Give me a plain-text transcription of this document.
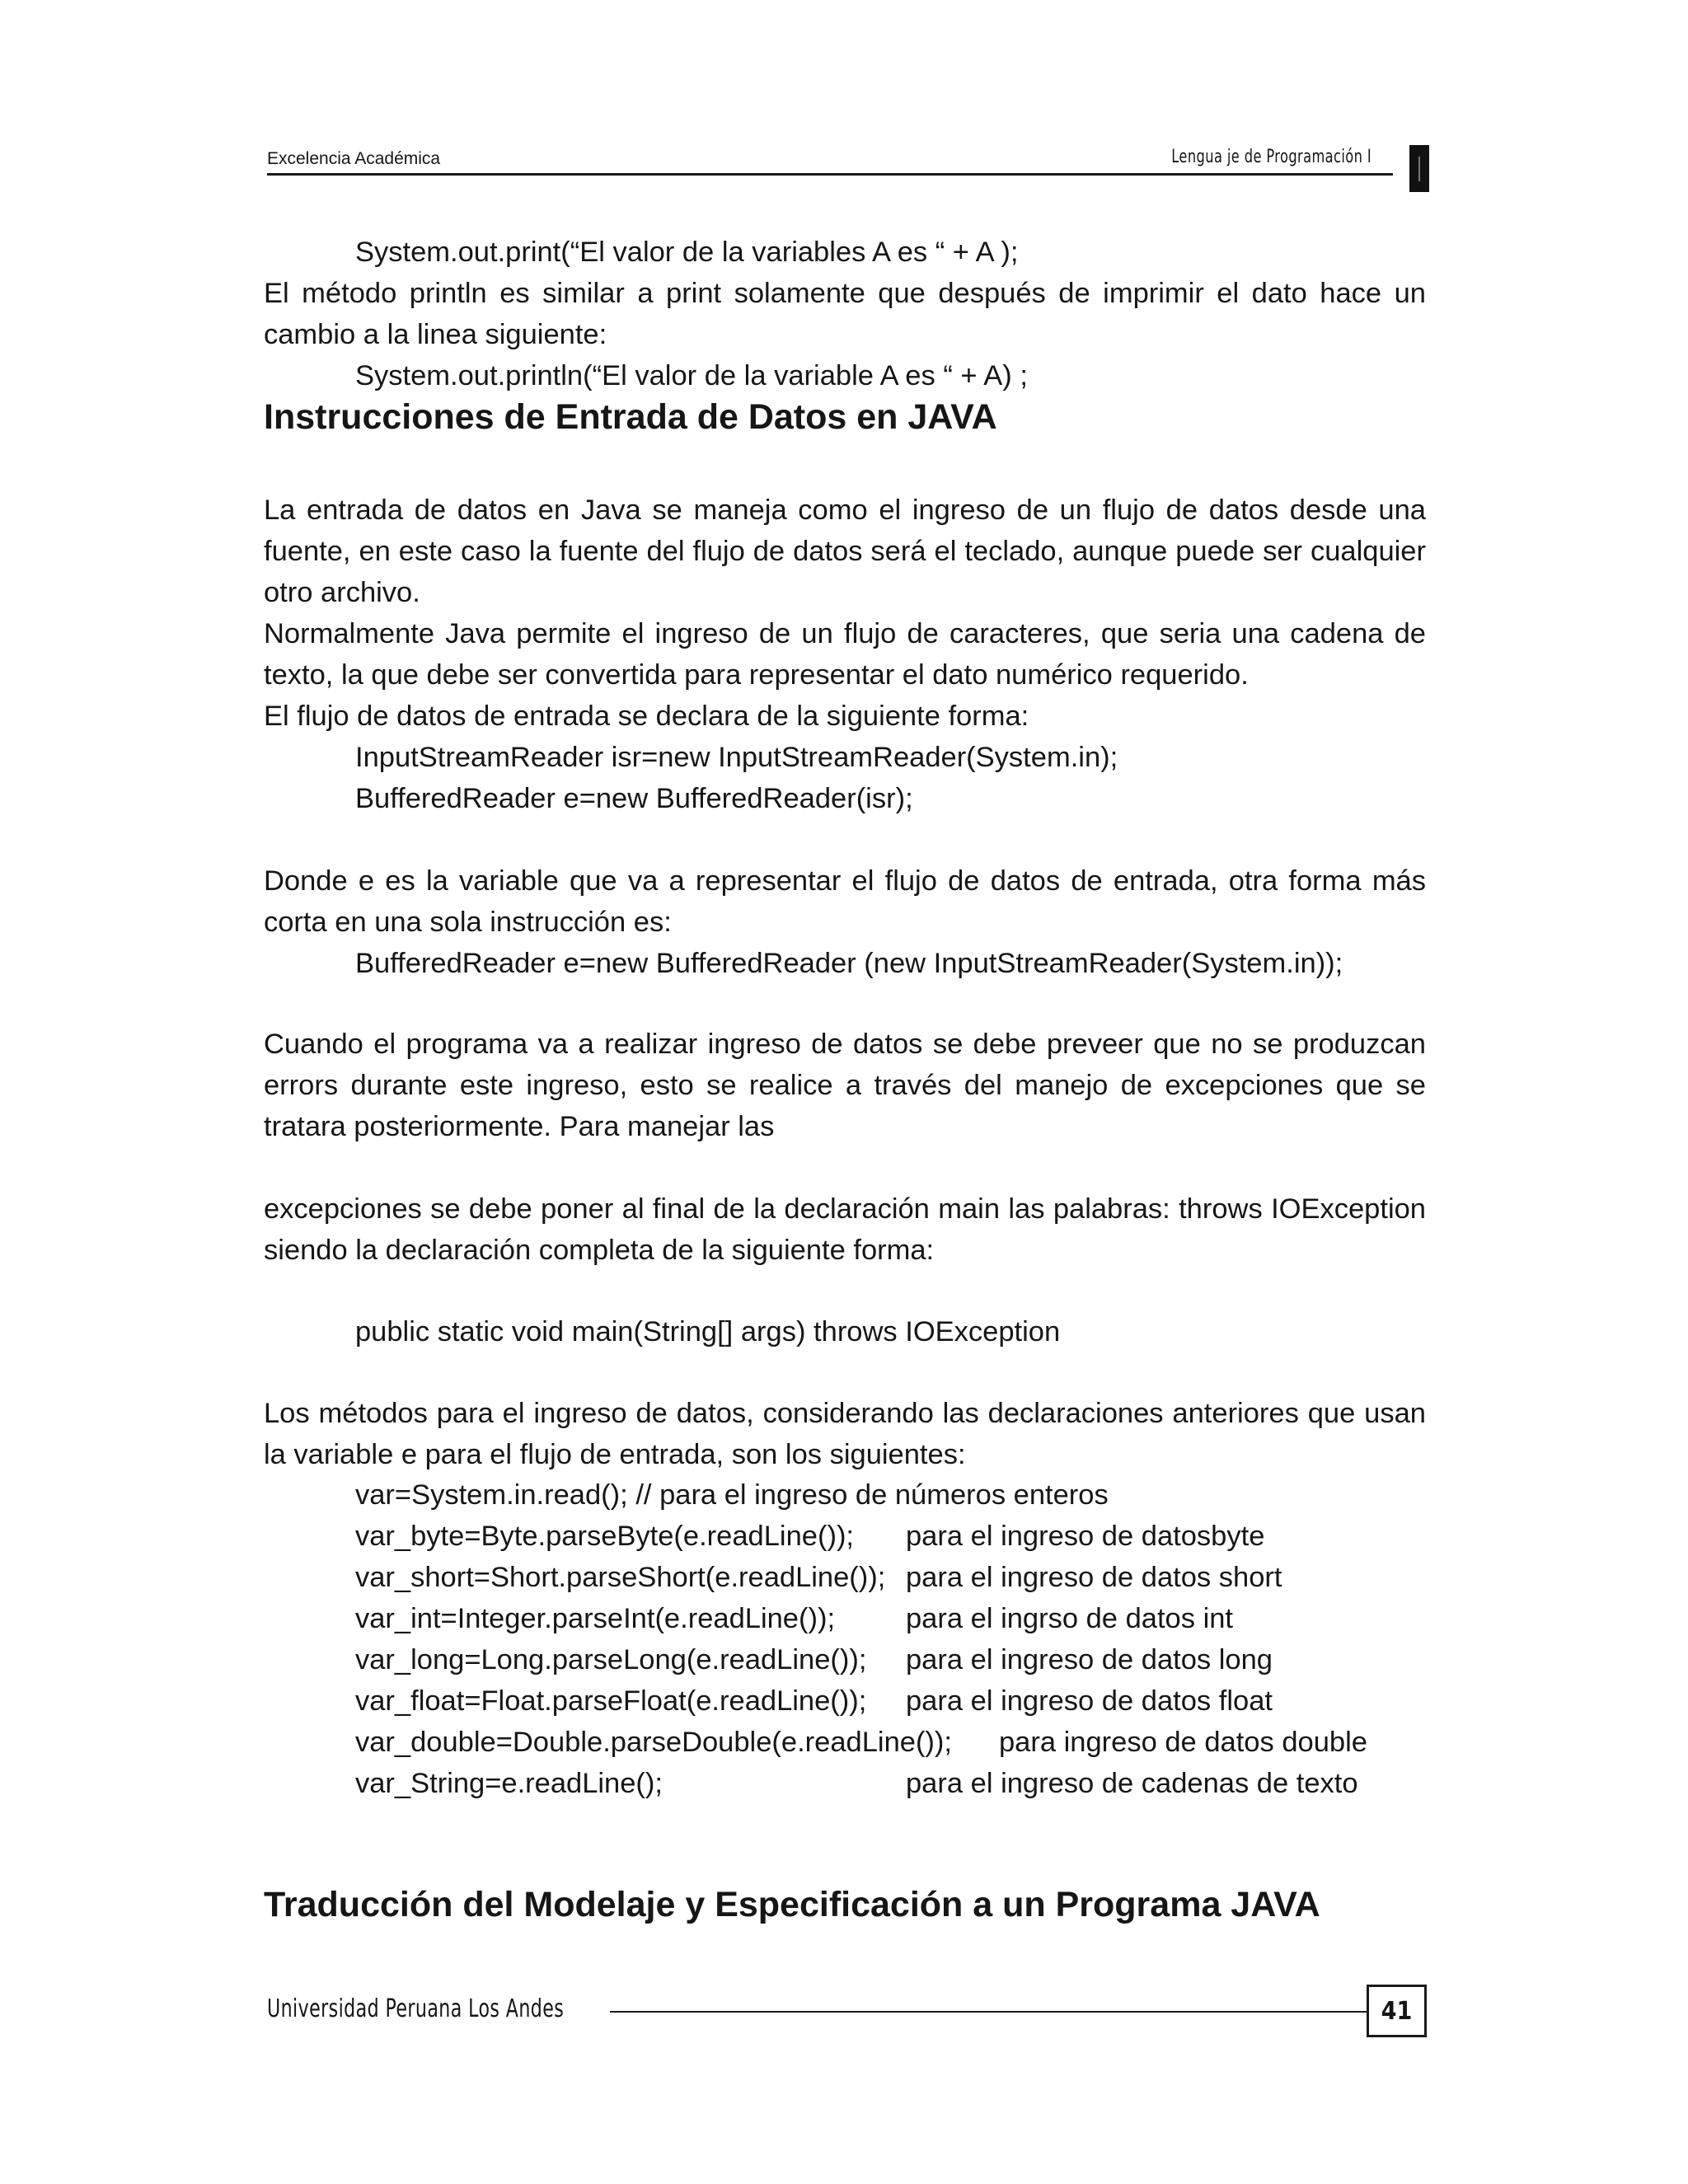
Excelencia Académica	Lengua je de Programación I

System.out.print(“El valor de la variables A es “ + A );

El método println es similar a print solamente que después de imprimir el dato hace un cambio a la linea siguiente:

System.out.println(“El valor de la variable A es “ + A) ;

Instrucciones de Entrada de Datos en JAVA

La entrada de datos en Java se maneja como el ingreso de un flujo de datos desde una fuente, en este caso la fuente del flujo de datos será el teclado, aunque puede ser cualquier otro archivo.

Normalmente Java permite el ingreso de un flujo de caracteres, que seria una cadena de texto, la que debe ser convertida para representar el dato numérico requerido.

El flujo de datos de entrada se declara de la siguiente forma:

InputStreamReader isr=new InputStreamReader(System.in);

BufferedReader e=new BufferedReader(isr);

Donde e es la variable que va a representar el flujo de datos de entrada, otra forma más corta en una sola instrucción es:

BufferedReader e=new BufferedReader (new InputStreamReader(System.in));

Cuando el programa va a realizar ingreso de datos se debe preveer que no se produzcan errors durante este ingreso, esto se realice a través del manejo de excepciones que se tratara posteriormente. Para manejar las

excepciones se debe poner al final de la declaración main las palabras: throws IOException siendo la declaración completa de la siguiente forma:

public static void main(String[] args) throws IOException

Los métodos para el ingreso de datos, considerando las declaraciones anteriores que usan la variable e para el flujo de entrada, son los siguientes:

var=System.in.read(); // para el ingreso de números enteros

var_byte=Byte.parseByte(e.readLine()); para el ingreso de datosbyte
var_short=Short.parseShort(e.readLine()); para el ingreso de datos short
var_int=Integer.parseInt(e.readLine()); para el ingrso de datos int
var_long=Long.parseLong(e.readLine()); para el ingreso de datos long
var_float=Float.parseFloat(e.readLine()); para el ingreso de datos float
var_double=Double.parseDouble(e.readLine()); para ingreso de datos double
var_String=e.readLine();	para el ingreso de cadenas de texto
Traducción del Modelaje y Especificación a un Programa JAVA
Universidad Peruana Los Andes	41
